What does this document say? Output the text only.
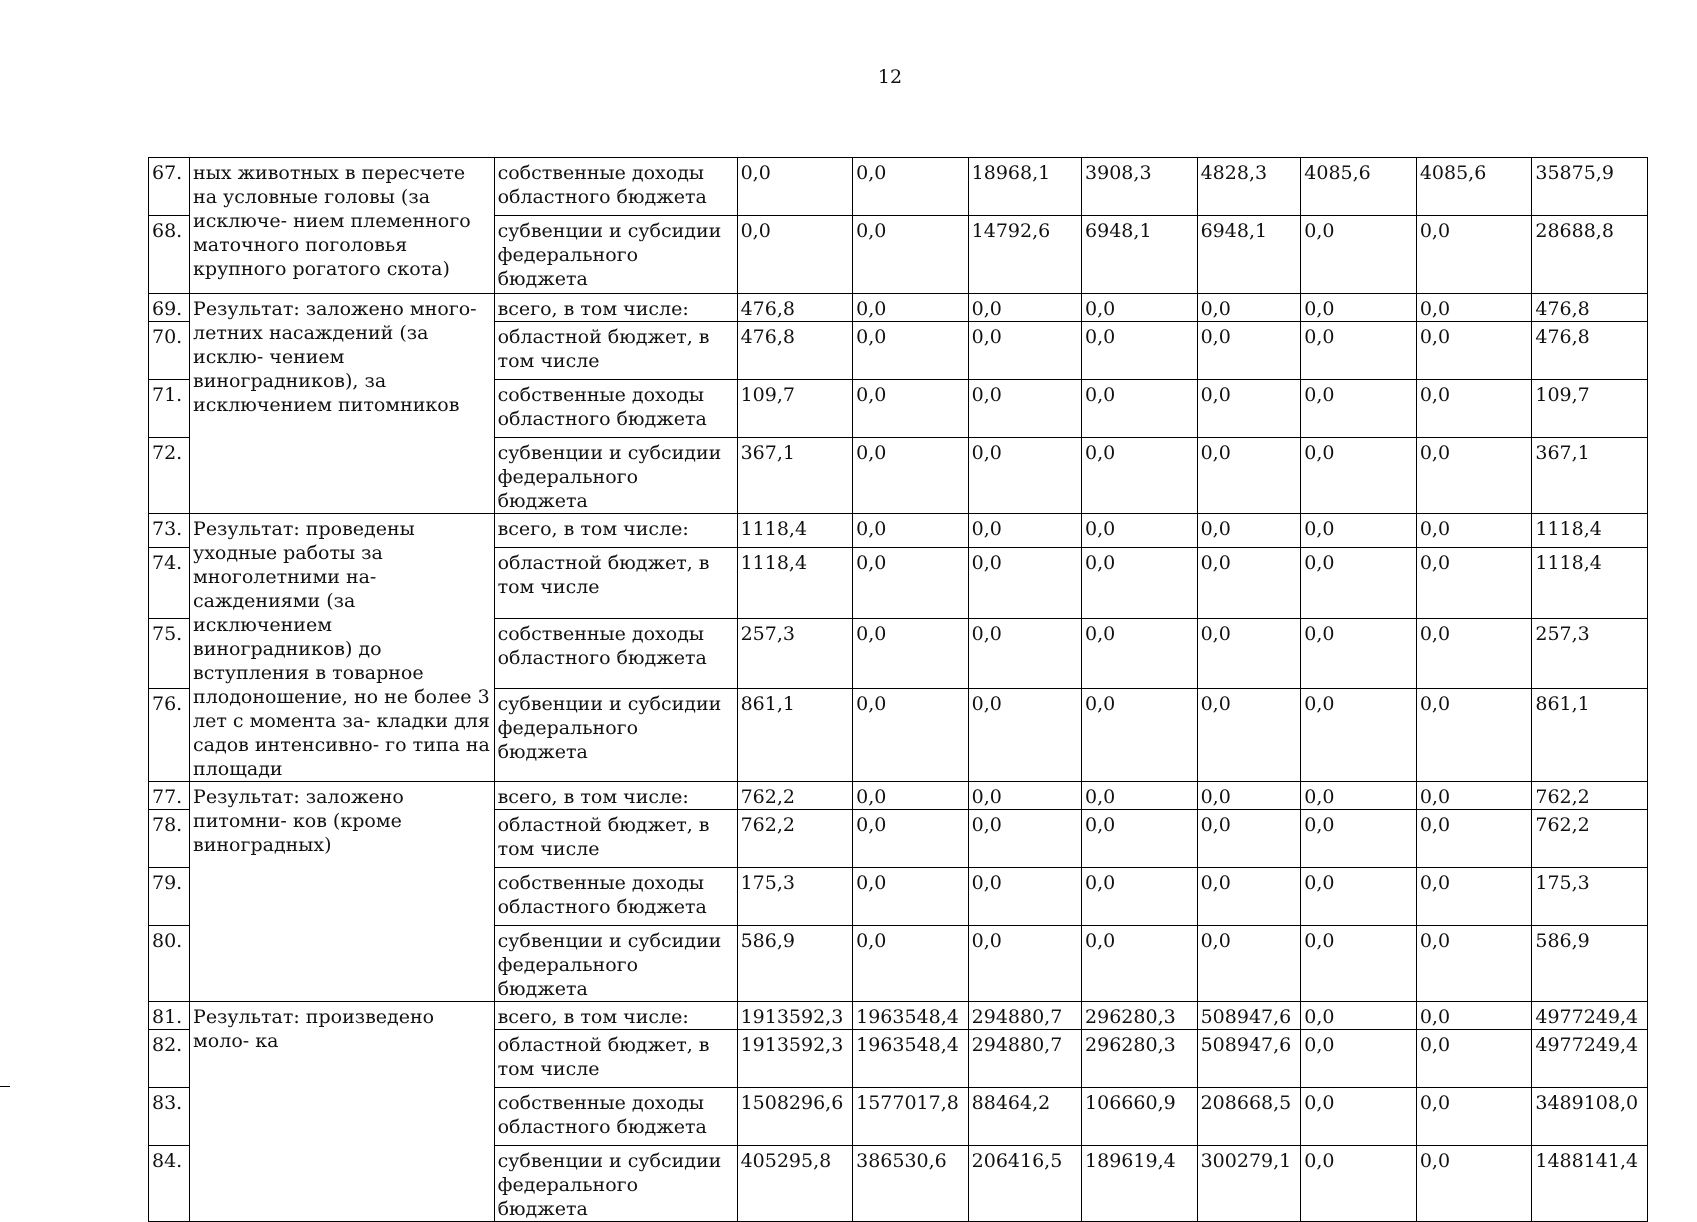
12
67.	ных животных в пересчете на условные головы (за исключе- нием племенного маточного поголовья крупного рогатого скота)	собственные доходы областного бюджета	0,0	0,0	18968,1	3908,3	4828,3	4085,6	4085,6	35875,9
68.		субвенции и субсидии федерального бюджета	0,0	0,0	14792,6	6948,1	6948,1	0,0	0,0	28688,8
69.	Результат: заложено много- летних насаждений (за исклю- чением виноградников), за исключением питомников	всего, в том числе:	476,8	0,0	0,0	0,0	0,0	0,0	0,0	476,8
70.		областной бюджет, в том числе	476,8	0,0	0,0	0,0	0,0	0,0	0,0	476,8
71.		собственные доходы областного бюджета	109,7	0,0	0,0	0,0	0,0	0,0	0,0	109,7
72.		субвенции и субсидии федерального бюджета	367,1	0,0	0,0	0,0	0,0	0,0	0,0	367,1
73.	Результат: проведены уходные работы за многолетними на- саждениями (за исключением виноградников) до вступления в товарное плодоношение, но не более 3 лет с момента за- кладки для садов интенсивно- го типа на площади	всего, в том числе:	1118,4	0,0	0,0	0,0	0,0	0,0	0,0	1118,4
74.		областной бюджет, в том числе	1118,4	0,0	0,0	0,0	0,0	0,0	0,0	1118,4
75.		собственные доходы областного бюджета	257,3	0,0	0,0	0,0	0,0	0,0	0,0	257,3
76.		субвенции и субсидии федерального бюджета	861,1	0,0	0,0	0,0	0,0	0,0	0,0	861,1
77.	Результат: заложено питомни- ков (кроме виноградных)	всего, в том числе:	762,2	0,0	0,0	0,0	0,0	0,0	0,0	762,2
78.		областной бюджет, в том числе	762,2	0,0	0,0	0,0	0,0	0,0	0,0	762,2
79.		собственные доходы областного бюджета	175,3	0,0	0,0	0,0	0,0	0,0	0,0	175,3
80.		субвенции и субсидии федерального бюджета	586,9	0,0	0,0	0,0	0,0	0,0	0,0	586,9
81.	Результат: произведено моло- ка	всего, в том числе:	1913592,3	1963548,4	294880,7	296280,3	508947,6	0,0	0,0	4977249,4
82.		областной бюджет, в том числе	1913592,3	1963548,4	294880,7	296280,3	508947,6	0,0	0,0	4977249,4
83.		собственные доходы областного бюджета	1508296,6	1577017,8	88464,2	106660,9	208668,5	0,0	0,0	3489108,0
84.		субвенции и субсидии федерального бюджета	405295,8	386530,6	206416,5	189619,4	300279,1	0,0	0,0	1488141,4
